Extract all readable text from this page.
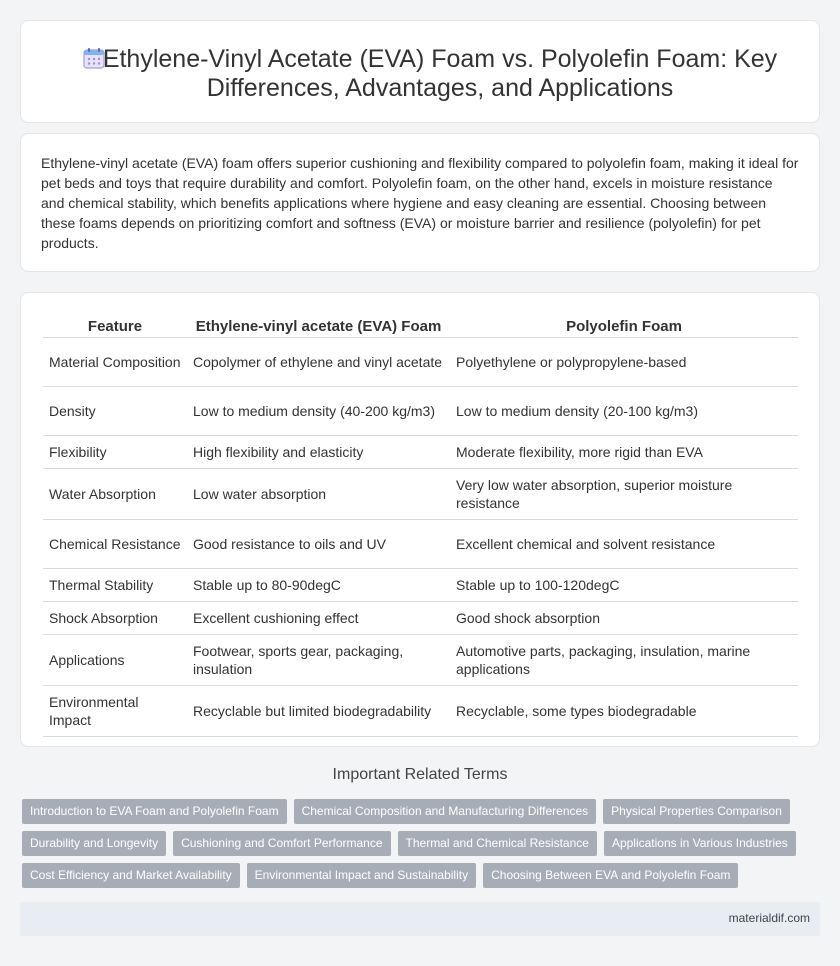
Ethylene-Vinyl Acetate (EVA) Foam vs. Polyolefin Foam: Key Differences, Advantages, and Applications

Ethylene-vinyl acetate (EVA) foam offers superior cushioning and flexibility compared to polyolefin foam, making it ideal for pet beds and toys that require durability and comfort. Polyolefin foam, on the other hand, excels in moisture resistance and chemical stability, which benefits applications where hygiene and easy cleaning are essential. Choosing between these foams depends on prioritizing comfort and softness (EVA) or moisture barrier and resilience (polyolefin) for pet products.

Feature	Ethylene-vinyl acetate (EVA) Foam	Polyolefin Foam
Material Composition	Copolymer of ethylene and vinyl acetate	Polyethylene or polypropylene-based
Density	Low to medium density (40-200 kg/m3)	Low to medium density (20-100 kg/m3)
Flexibility	High flexibility and elasticity	Moderate flexibility, more rigid than EVA
Water Absorption	Low water absorption	Very low water absorption, superior moisture resistance
Chemical Resistance	Good resistance to oils and UV	Excellent chemical and solvent resistance
Thermal Stability	Stable up to 80-90degC	Stable up to 100-120degC
Shock Absorption	Excellent cushioning effect	Good shock absorption
Applications	Footwear, sports gear, packaging, insulation	Automotive parts, packaging, insulation, marine applications
Environmental Impact	Recyclable but limited biodegradability	Recyclable, some types biodegradable
Important Related Terms
Introduction to EVA Foam and Polyolefin Foam	Chemical Composition and Manufacturing Differences	Physical Properties Comparison
Durability and Longevity	Cushioning and Comfort Performance	Thermal and Chemical Resistance	Applications in Various Industries
Cost Efficiency and Market Availability	Environmental Impact and Sustainability	Choosing Between EVA and Polyolefin Foam
materialdif.com
